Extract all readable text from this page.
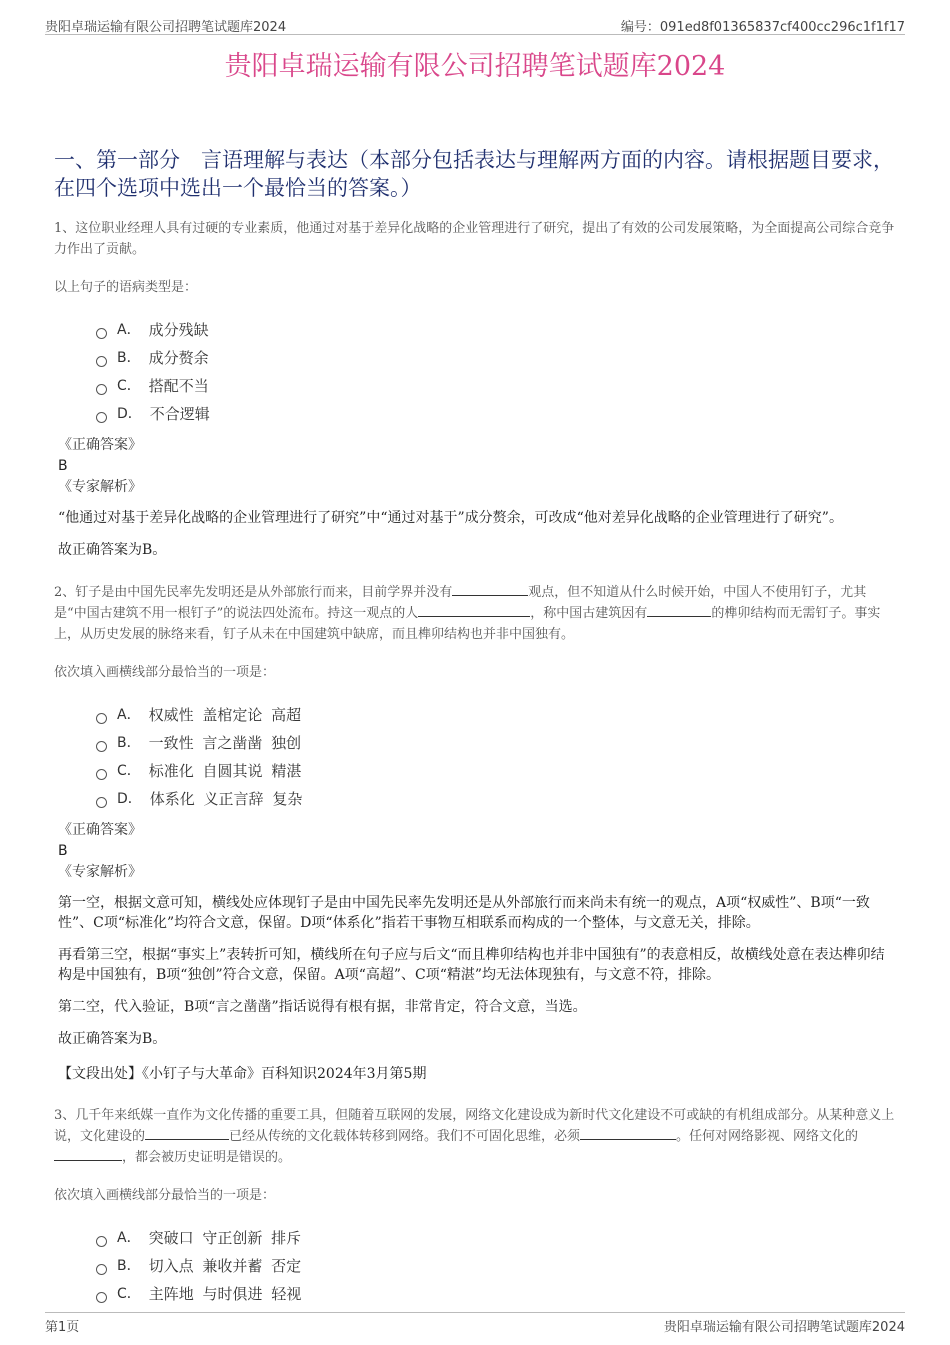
贵阳卓瑞运输有限公司招聘笔试题库2024	编号：091ed8f01365837cf400cc296c1f1f17
贵阳卓瑞运输有限公司招聘笔试题库2024
一、第一部分　言语理解与表达（本部分包括表达与理解两方面的内容。请根据题目要求，在四个选项中选出一个最恰当的答案。）

1、这位职业经理人具有过硬的专业素质，他通过对基于差异化战略的企业管理进行了研究，提出了有效的公司发展策略，为全面提高公司综合竞争力作出了贡献。

以上句子的语病类型是：

A． 成分残缺
B． 成分赘余
C． 搭配不当
D． 不合逻辑
《正确答案》
B
《专家解析》

“他通过对基于差异化战略的企业管理进行了研究”中“通过对基于”成分赘余，可改成“他对差异化战略的企业管理进行了研究”。

故正确答案为B。

2、钉子是由中国先民率先发明还是从外部旅行而来，目前学界并没有	观点，但不知道从什么时候开始，中国人不使用钉子，尤其是“中国古建筑不用一根钉子”的说法四处流布。持这一观点的人	，称中国古建筑因有	的榫卯结构而无需钉子。事实上，从历史发展的脉络来看，钉子从未在中国建筑中缺席，而且榫卯结构也并非中国独有。

依次填入画横线部分最恰当的一项是：

A． 权威性 盖棺定论 高超
B． 一致性 言之凿凿 独创
C． 标准化 自圆其说 精湛
D． 体系化 义正言辞 复杂
《正确答案》
B
《专家解析》

第一空，根据文意可知，横线处应体现钉子是由中国先民率先发明还是从外部旅行而来尚未有统一的观点，A项“权威性”、B项“一致性”、C项“标准化”均符合文意，保留。D项“体系化”指若干事物互相联系而构成的一个整体，与文意无关，排除。

再看第三空，根据“事实上”表转折可知，横线所在句子应与后文“而且榫卯结构也并非中国独有”的表意相反，故横线处意在表达榫卯结构是中国独有，B项“独创”符合文意，保留。A项“高超”、C项“精湛”均无法体现独有，与文意不符，排除。

第二空，代入验证，B项“言之凿凿”指话说得有根有据，非常肯定，符合文意，当选。

故正确答案为B。

【文段出处】《小钉子与大革命》百科知识2024年3月第5期

3、几千年来纸媒一直作为文化传播的重要工具，但随着互联网的发展，网络文化建设成为新时代文化建设不可或缺的有机组成部分。从某种意义上说，文化建设的	已经从传统的文化载体转移到网络。我们不可固化思维，必须	。任何对网络影视、网络文化的，都会被历史证明是错误的。

依次填入画横线部分最恰当的一项是：

A． 突破口 守正创新 排斥
B． 切入点 兼收并蓄 否定
C． 主阵地 与时俱进 轻视
第1页	贵阳卓瑞运输有限公司招聘笔试题库2024
